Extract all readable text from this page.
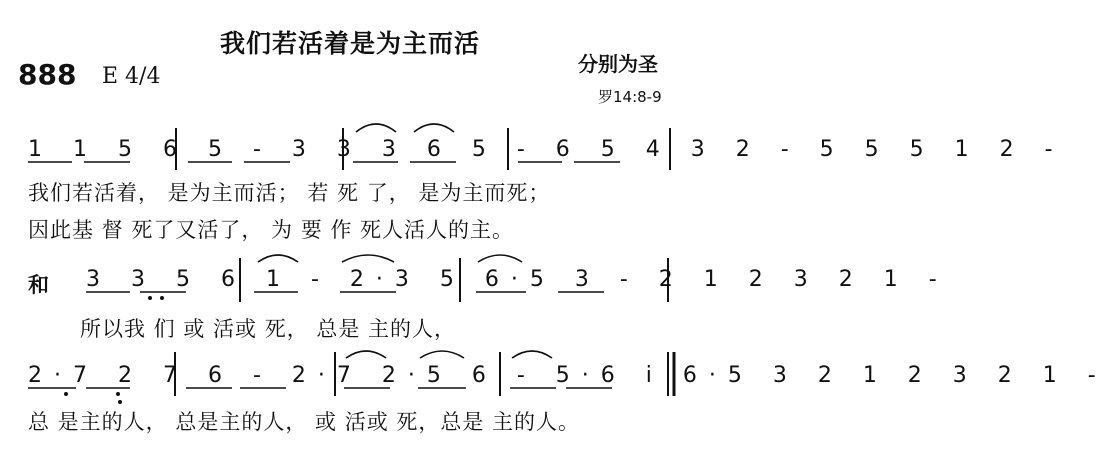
我们若活着是为主而活
888 E 4/4	分别为圣
罗14:8-9
1 1 5 6 5 - 3 3 3 6 5 - 6 5 4 3 2 - 5 5 5 1 2 -
我们若活着， 是为主而活； 若 死 了， 是为主而死；
因此基 督 死了又活了， 为 要 作 死人活人的主。
和 3 3 5 6 1 - 2·3 5 6·5 3 - 2 1 2 3 2 1 -
所以我 们 或 活或 死， 总是 主的人，
2·7 2 7 6 - 2·7 2·5 6 - 5·6 i 6·5 3 2 1 2 3 2 1 -
总 是主的人， 总是主的人， 或 活或 死，总是 主的人。
